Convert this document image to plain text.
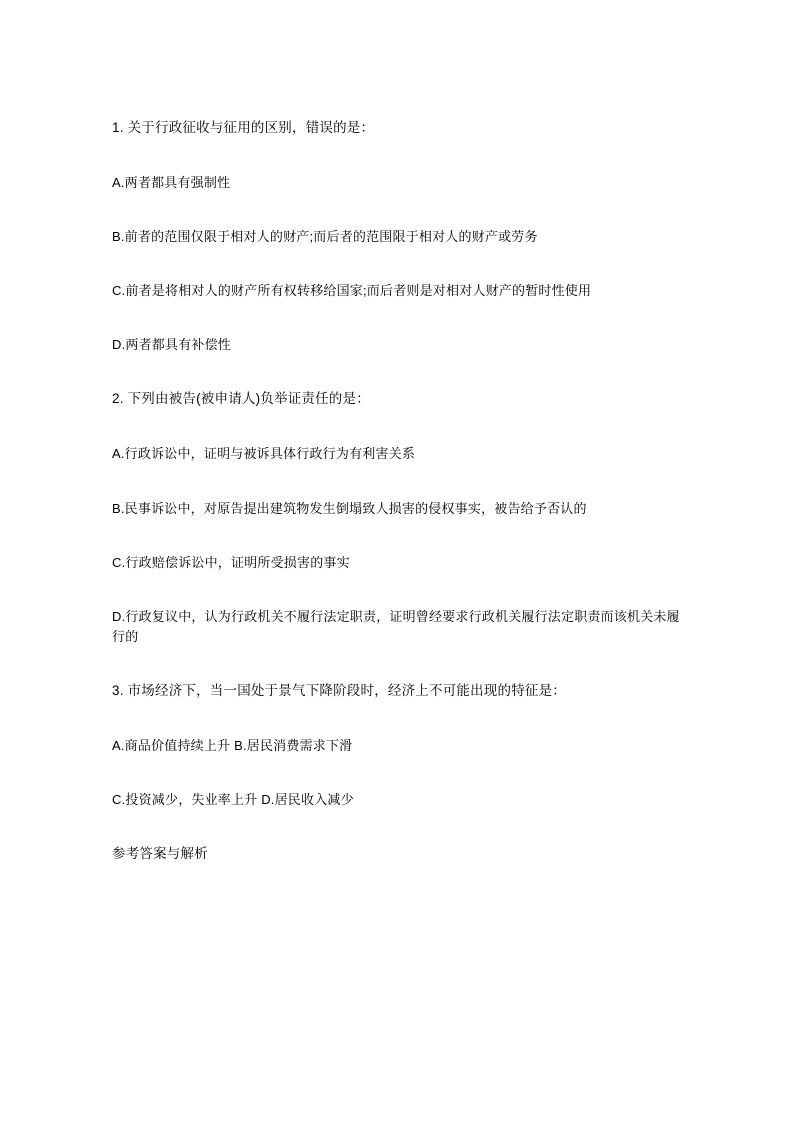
1. 关于行政征收与征用的区别，错误的是：

A.两者都具有强制性

B.前者的范围仅限于相对人的财产;而后者的范围限于相对人的财产或劳务

C.前者是将相对人的财产所有权转移给国家;而后者则是对相对人财产的暂时性使用

D.两者都具有补偿性

2. 下列由被告(被申请人)负举证责任的是：

A.行政诉讼中，证明与被诉具体行政行为有利害关系

B.民事诉讼中，对原告提出建筑物发生倒塌致人损害的侵权事实，被告给予否认的

C.行政赔偿诉讼中，证明所受损害的事实

D.行政复议中，认为行政机关不履行法定职责，证明曾经要求行政机关履行法定职责而该机关未履行的

3. 市场经济下，当一国处于景气下降阶段时，经济上不可能出现的特征是：

A.商品价值持续上升 B.居民消费需求下滑

C.投资减少，失业率上升 D.居民收入减少

参考答案与解析
